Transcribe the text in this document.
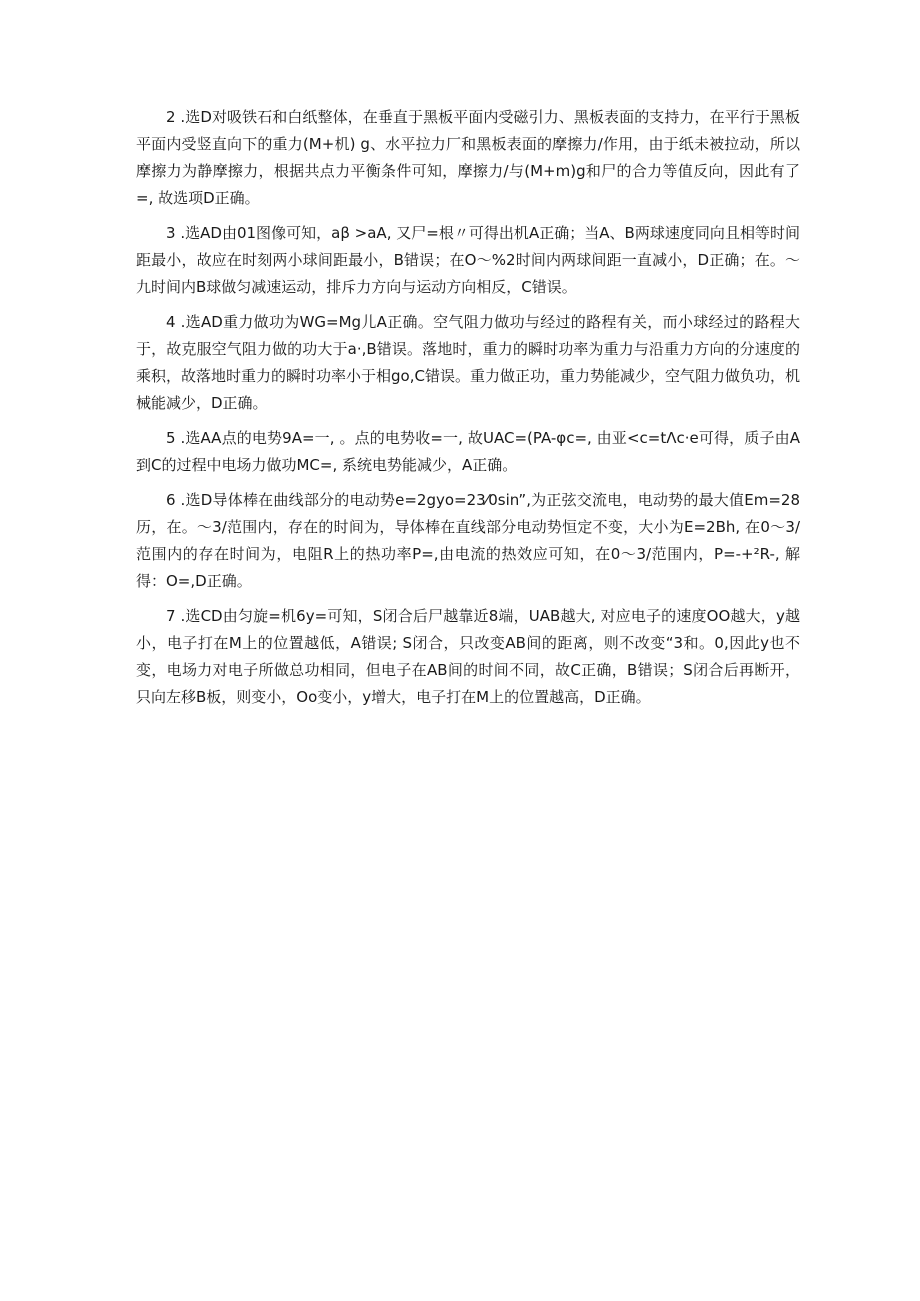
2 .选D对吸铁石和白纸整体，在垂直于黑板平面内受磁引力、黑板表面的支持力，在平行于黑板平面内受竖直向下的重力(M+机) g、水平拉力厂和黑板表面的摩擦力/作用，由于纸未被拉动，所以摩擦力为静摩擦力，根据共点力平衡条件可知，摩擦力/与(M+m)g和尸的合力等值反向，因此有了=, 故选项D正确。

3 .选AD由01图像可知，aβ >aA, 又尸=根〃可得出机A正确；当A、B两球速度同向且相等时间距最小，故应在时刻两小球间距最小，B错误；在O～%2时间内两球间距一直减小，D正确；在。～九时间内B球做匀减速运动，排斥力方向与运动方向相反，C错误。

4 .选AD重力做功为WG=Mg儿A正确。空气阻力做功与经过的路程有关，而小球经过的路程大于，故克服空气阻力做的功大于a·,B错误。落地时，重力的瞬时功率为重力与沿重力方向的分速度的乘积，故落地时重力的瞬时功率小于相go,C错误。重力做正功，重力势能减少，空气阻力做负功，机械能减少，D正确。

5 .选AA点的电势9A=一, 。点的电势收=一, 故UAC=(PA-φc=, 由亚<c=tΛc·e可得，质子由A到C的过程中电场力做功MC=, 系统电势能减少，A正确。

6 .选D导体棒在曲线部分的电动势e=2gyo=23⁄0sin”,为正弦交流电，电动势的最大值Em=28历，在。～3/范围内，存在的时间为，导体棒在直线部分电动势恒定不变，大小为E=2Bh, 在0～3/范围内的存在时间为，电阻R上的热功率P=,由电流的热效应可知，在0～3/范围内，P=-+²R-, 解得：O=,D正确。

7 .选CD由匀旋=机6y=可知，S闭合后尸越靠近8端，UAB越大, 对应电子的速度OO越大，y越小，电子打在M上的位置越低，A错误; S闭合，只改变AB间的距离，则不改变“3和。0,因此y也不变，电场力对电子所做总功相同，但电子在AB间的时间不同，故C正确，B错误；S闭合后再断开，只向左移B板，则变小，Oo变小，y增大，电子打在M上的位置越高，D正确。
